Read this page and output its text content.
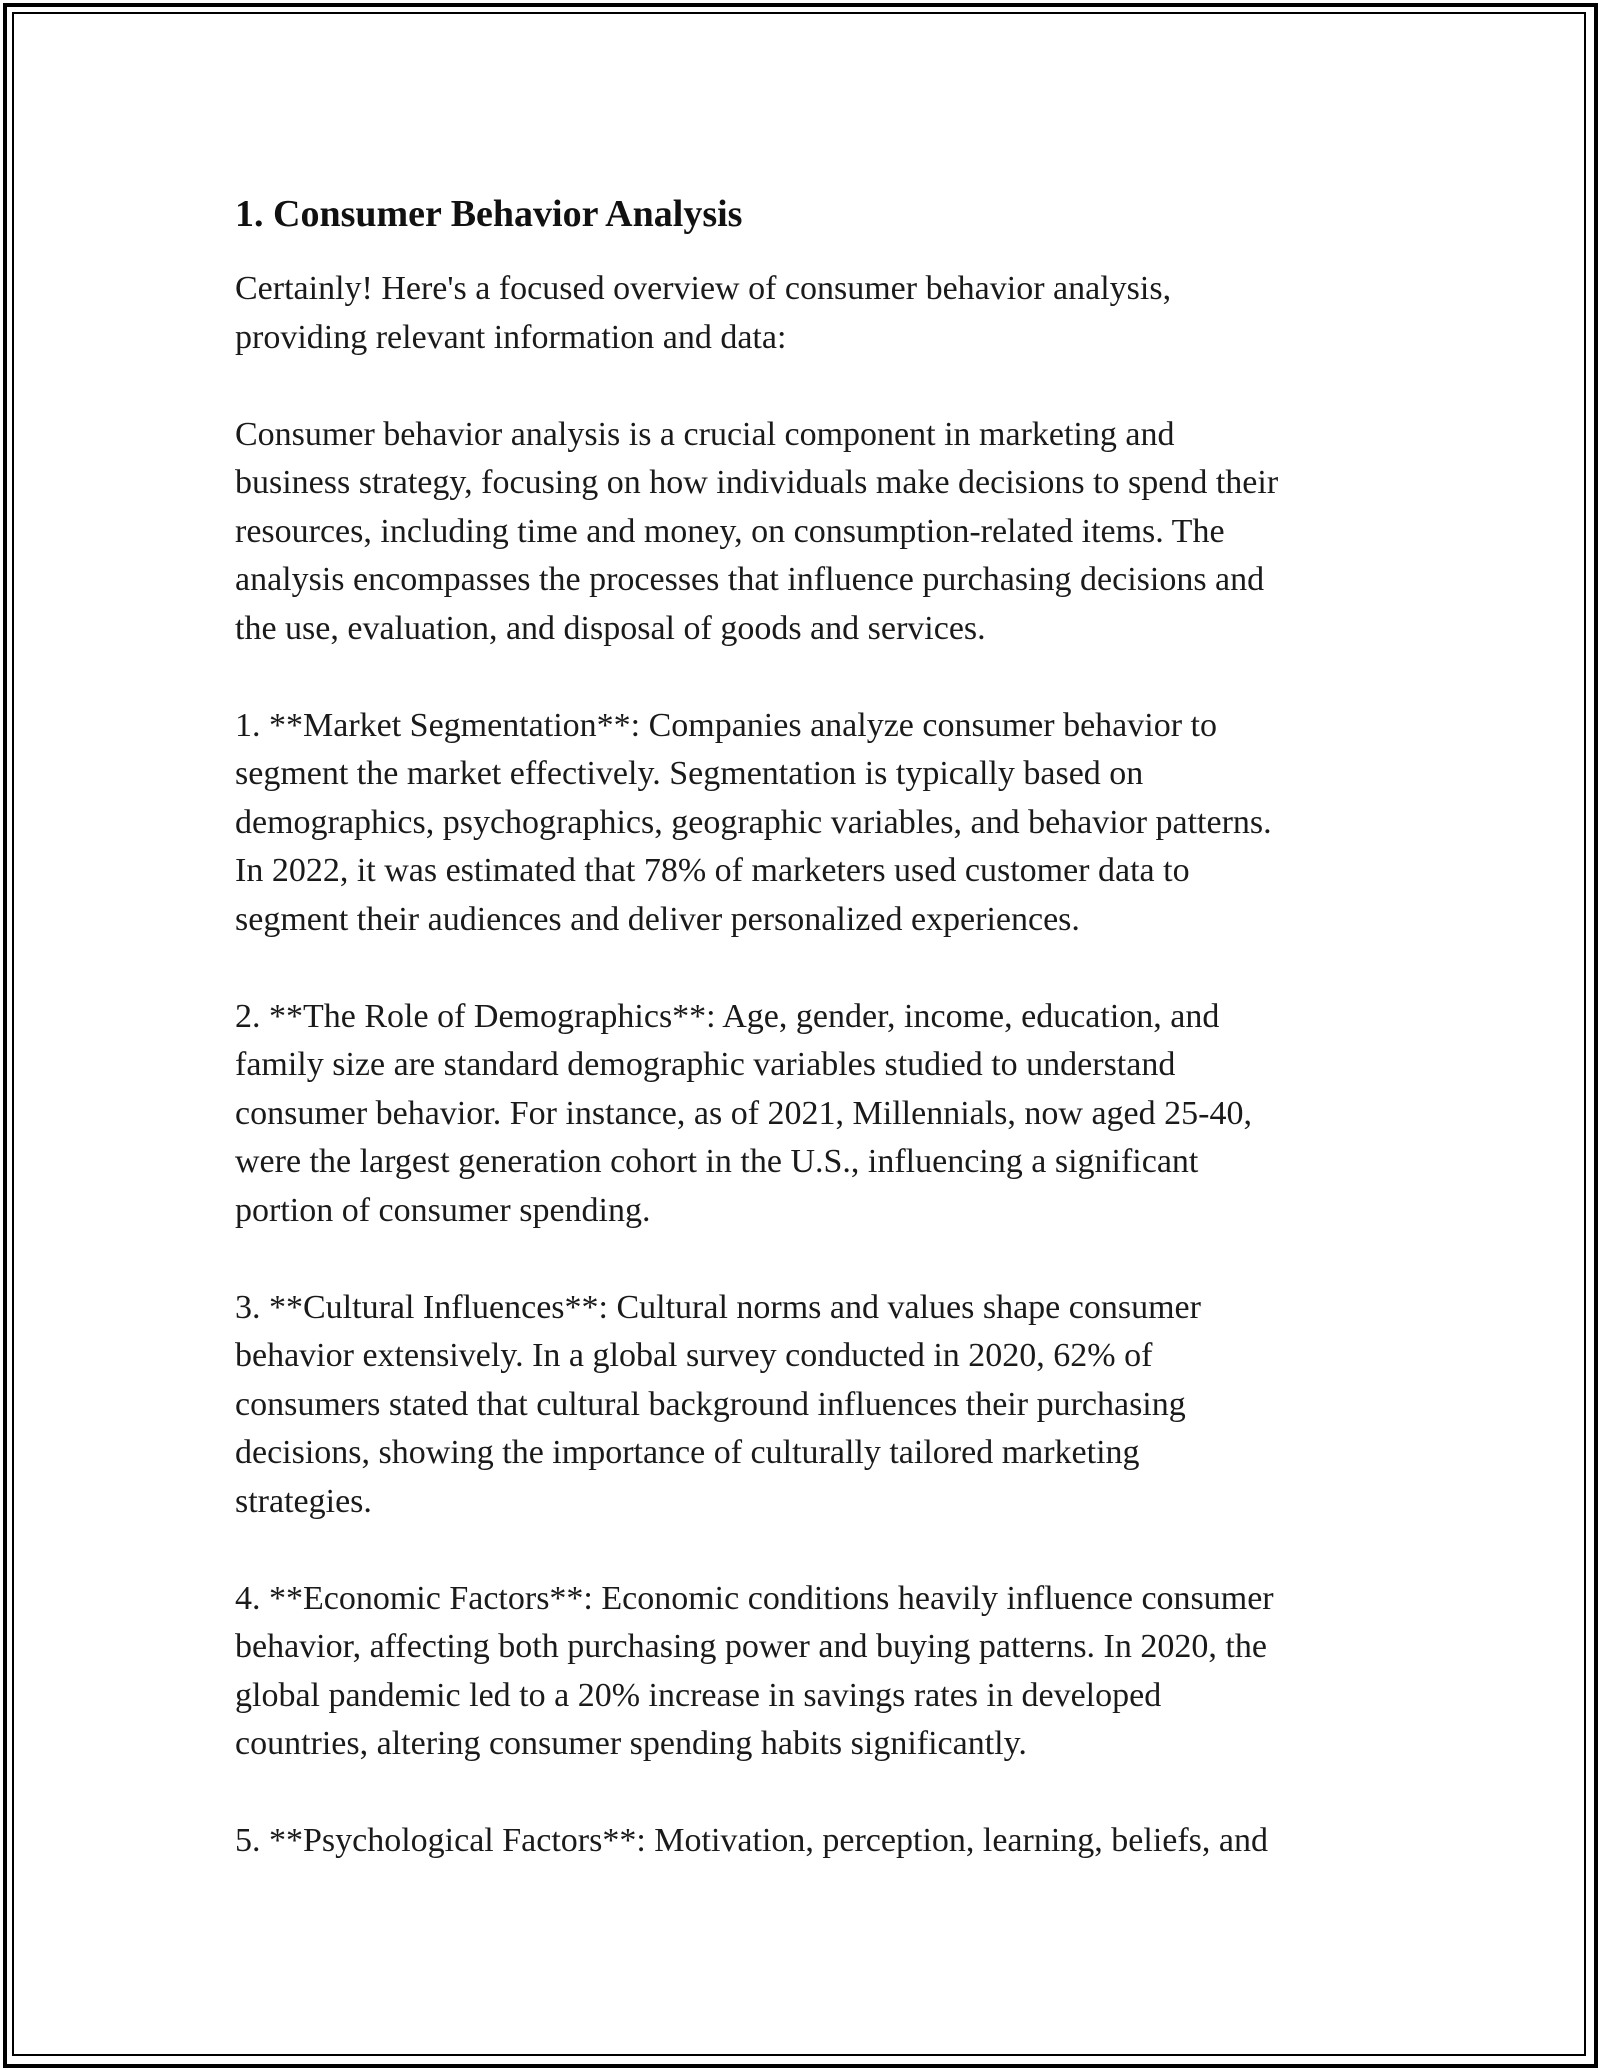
1. Consumer Behavior Analysis

Certainly! Here's a focused overview of consumer behavior analysis,
providing relevant information and data:

Consumer behavior analysis is a crucial component in marketing and
business strategy, focusing on how individuals make decisions to spend their
resources, including time and money, on consumption-related items. The
analysis encompasses the processes that influence purchasing decisions and
the use, evaluation, and disposal of goods and services.

1. **Market Segmentation**: Companies analyze consumer behavior to
segment the market effectively. Segmentation is typically based on
demographics, psychographics, geographic variables, and behavior patterns.
In 2022, it was estimated that 78% of marketers used customer data to
segment their audiences and deliver personalized experiences.

2. **The Role of Demographics**: Age, gender, income, education, and
family size are standard demographic variables studied to understand
consumer behavior. For instance, as of 2021, Millennials, now aged 25-40,
were the largest generation cohort in the U.S., influencing a significant
portion of consumer spending.

3. **Cultural Influences**: Cultural norms and values shape consumer
behavior extensively. In a global survey conducted in 2020, 62% of
consumers stated that cultural background influences their purchasing
decisions, showing the importance of culturally tailored marketing
strategies.

4. **Economic Factors**: Economic conditions heavily influence consumer
behavior, affecting both purchasing power and buying patterns. In 2020, the
global pandemic led to a 20% increase in savings rates in developed
countries, altering consumer spending habits significantly.

5. **Psychological Factors**: Motivation, perception, learning, beliefs, and
